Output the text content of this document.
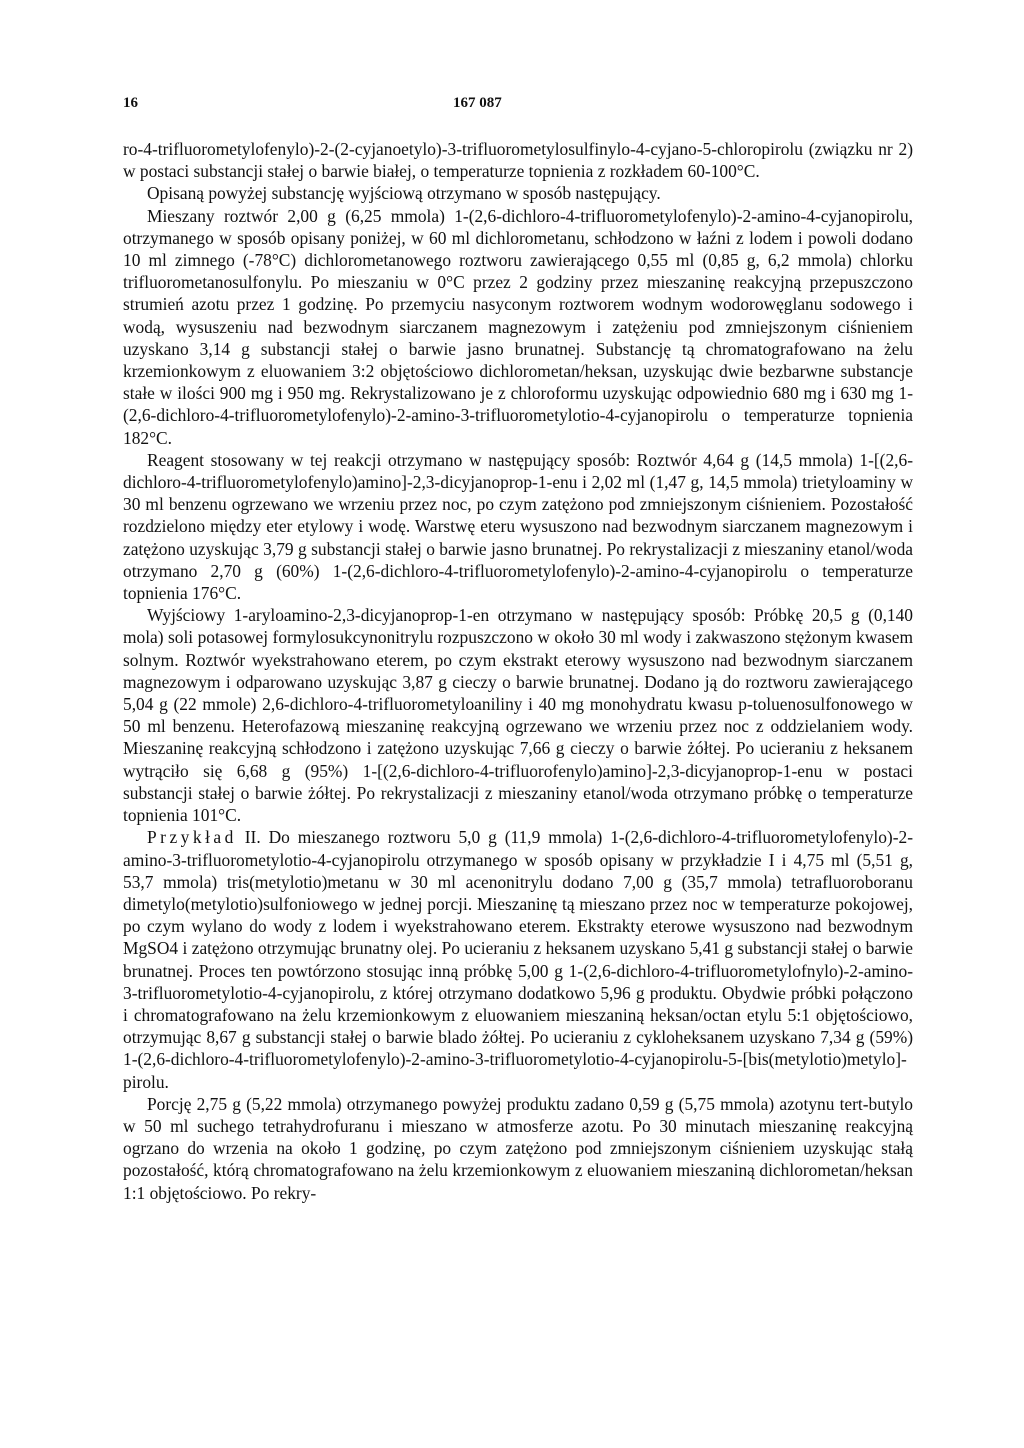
16	167 087

ro-4-trifluorometylofenylo)-2-(2-cyjanoetylo)-3-trifluorometylosulfinylo-4-cyjano-5-chloropirolu (związku nr 2) w postaci substancji stałej o barwie białej, o temperaturze topnienia z rozkładem 60-100°C.

Opisaną powyżej substancję wyjściową otrzymano w sposób następujący.

Mieszany roztwór 2,00 g (6,25 mmola) 1-(2,6-dichloro-4-trifluorometylofenylo)-2-amino-4-cyjanopirolu, otrzymanego w sposób opisany poniżej, w 60 ml dichlorometanu, schłodzono w łaźni z lodem i powoli dodano 10 ml zimnego (-78°C) dichlorometanowego roztworu zawierającego 0,55 ml (0,85 g, 6,2 mmola) chlorku trifluorometanosulfonylu. Po mieszaniu w 0°C przez 2 godziny przez mieszaninę reakcyjną przepuszczono strumień azotu przez 1 godzinę. Po przemyciu nasyconym roztworem wodnym wodorowęglanu sodowego i wodą, wysuszeniu nad bezwodnym siarczanem magnezowym i zatężeniu pod zmniejszonym ciśnieniem uzyskano 3,14 g substancji stałej o barwie jasno brunatnej. Substancję tą chromatografowano na żelu krzemionkowym z eluowaniem 3:2 objętościowo dichlorometan/heksan, uzyskując dwie bezbarwne substancje stałe w ilości 900 mg i 950 mg. Rekrystalizowano je z chloroformu uzyskując odpowiednio 680 mg i 630 mg 1-(2,6-dichloro-4-trifluorometylofenylo)-2-amino-3-trifluorometylotio-4-cyjanopirolu o temperaturze topnienia 182°C.

Reagent stosowany w tej reakcji otrzymano w następujący sposób: Roztwór 4,64 g (14,5 mmola) 1-[(2,6-dichloro-4-trifluorometylofenylo)amino]-2,3-dicyjanoprop-1-enu i 2,02 ml (1,47 g, 14,5 mmola) trietyloaminy w 30 ml benzenu ogrzewano we wrzeniu przez noc, po czym zatężono pod zmniejszonym ciśnieniem. Pozostałość rozdzielono między eter etylowy i wodę. Warstwę eteru wysuszono nad bezwodnym siarczanem magnezowym i zatężono uzyskując 3,79 g substancji stałej o barwie jasno brunatnej. Po rekrystalizacji z mieszaniny etanol/woda otrzymano 2,70 g (60%) 1-(2,6-dichloro-4-trifluorometylofenylo)-2-amino-4-cyjanopirolu o temperaturze topnienia 176°C.

Wyjściowy 1-aryloamino-2,3-dicyjanoprop-1-en otrzymano w następujący sposób: Próbkę 20,5 g (0,140 mola) soli potasowej formylosukcynonitrylu rozpuszczono w około 30 ml wody i zakwaszono stężonym kwasem solnym. Roztwór wyekstrahowano eterem, po czym ekstrakt eterowy wysuszono nad bezwodnym siarczanem magnezowym i odparowano uzyskując 3,87 g cieczy o barwie brunatnej. Dodano ją do roztworu zawierającego 5,04 g (22 mmole) 2,6-dichloro-4-trifluorometyloaniliny i 40 mg monohydratu kwasu p-toluenosulfonowego w 50 ml benzenu. Heterofazową mieszaninę reakcyjną ogrzewano we wrzeniu przez noc z oddzielaniem wody. Mieszaninę reakcyjną schłodzono i zatężono uzyskując 7,66 g cieczy o barwie żółtej. Po ucieraniu z heksanem wytrąciło się 6,68 g (95%) 1-[(2,6-dichloro-4-trifluorofenylo)amino]-2,3-dicyjanoprop-1-enu w postaci substancji stałej o barwie żółtej. Po rekrystalizacji z mieszaniny etanol/woda otrzymano próbkę o temperaturze topnienia 101°C.

Przykład II. Do mieszanego roztworu 5,0 g (11,9 mmola) 1-(2,6-dichloro-4-trifluorometylofenylo)-2-amino-3-trifluorometylotio-4-cyjanopirolu otrzymanego w sposób opisany w przykładzie I i 4,75 ml (5,51 g, 53,7 mmola) tris(metylotio)metanu w 30 ml acenonitrylu dodano 7,00 g (35,7 mmola) tetrafluoroboranu dimetylo(metylotio)sulfoniowego w jednej porcji. Mieszaninę tą mieszano przez noc w temperaturze pokojowej, po czym wylano do wody z lodem i wyekstrahowano eterem. Ekstrakty eterowe wysuszono nad bezwodnym MgSO4 i zatężono otrzymując brunatny olej. Po ucieraniu z heksanem uzyskano 5,41 g substancji stałej o barwie brunatnej. Proces ten powtórzono stosując inną próbkę 5,00 g 1-(2,6-dichloro-4-trifluorometylofnylo)-2-amino-3-trifluorometylotio-4-cyjanopirolu, z której otrzymano dodatkowo 5,96 g produktu. Obydwie próbki połączono i chromatografowano na żelu krzemionkowym z eluowaniem mieszaniną heksan/octan etylu 5:1 objętościowo, otrzymując 8,67 g substancji stałej o barwie blado żółtej. Po ucieraniu z cykloheksanem uzyskano 7,34 g (59%) 1-(2,6-dichloro-4-trifluorometylofenylo)-2-amino-3-trifluorometylotio-4-cyjanopirolu-5-[bis(metylotio)metylo]-pirolu.

Porcję 2,75 g (5,22 mmola) otrzymanego powyżej produktu zadano 0,59 g (5,75 mmola) azotynu tert-butylo w 50 ml suchego tetrahydrofuranu i mieszano w atmosferze azotu. Po 30 minutach mieszaninę reakcyjną ogrzano do wrzenia na około 1 godzinę, po czym zatężono pod zmniejszonym ciśnieniem uzyskując stałą pozostałość, którą chromatografowano na żelu krzemionkowym z eluowaniem mieszaniną dichlorometan/heksan 1:1 objętościowo. Po rekry-
